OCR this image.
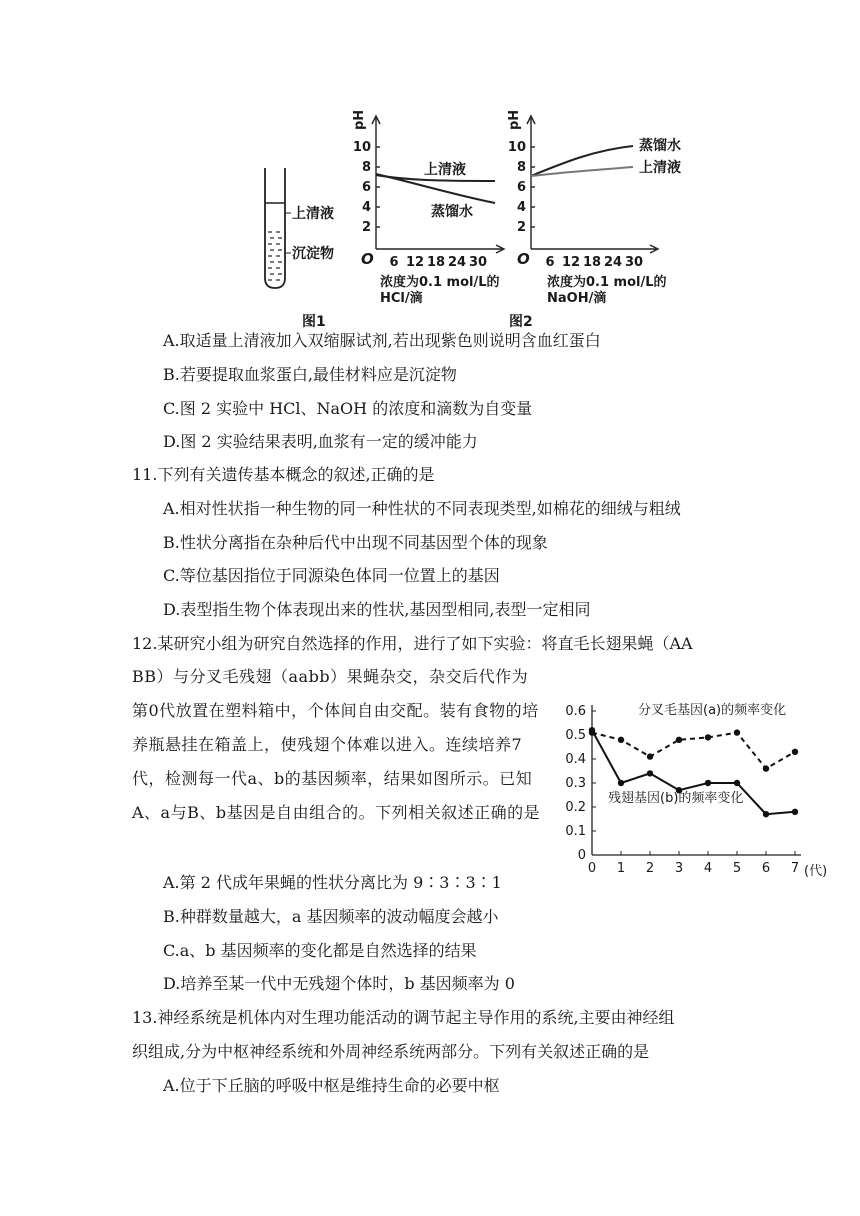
上清液
沉淀物
pH
10
8
6
4
2
O 6 12 18 24 30
浓度为0.1 mol/L的
HCl/滴
上清液
蒸馏水
图1
pH
10
8
6
4
2
O 6 12 18 24 30
浓度为0.1 mol/L的
NaOH/滴
蒸馏水
上清液
图2
A.取适量上清液加入双缩脲试剂,若出现紫色则说明含血红蛋白
B.若要提取血浆蛋白,最佳材料应是沉淀物
C.图 2 实验中 HCl、NaOH 的浓度和滴数为自变量
D.图 2 实验结果表明,血浆有一定的缓冲能力
11.下列有关遗传基本概念的叙述,正确的是
A.相对性状指一种生物的同一种性状的不同表现类型,如棉花的细绒与粗绒
B.性状分离指在杂种后代中出现不同基因型个体的现象
C.等位基因指位于同源染色体同一位置上的基因
D.表型指生物个体表现出来的性状,基因型相同,表型一定相同
12.某研究小组为研究自然选择的作用，进行了如下实验：将直毛长翅果蝇（AA
BB）与分叉毛残翅（aabb）果蝇杂交，杂交后代作为第0代放置在塑料箱中，个体间自由交配。装有食物的培养瓶悬挂在箱盖上，使残翅个体难以进入。连续培养7代，检测每一代a、b的基因频率，结果如图所示。已知A、a与B、b基因是自由组合的。下列相关叙述正确的是
0
0.1
0.2
0.3
0.4
0.5
0.6
0 1 2 3 4 5 6 7
分叉毛基因(a)的频率变化
残翅基因(b)的频率变化
(代)
A.第 2 代成年果蝇的性状分离比为 9∶3∶3∶1
B.种群数量越大，a 基因频率的波动幅度会越小
C.a、b 基因频率的变化都是自然选择的结果
D.培养至某一代中无残翅个体时，b 基因频率为 0
13.神经系统是机体内对生理功能活动的调节起主导作用的系统,主要由神经组
织组成,分为中枢神经系统和外周神经系统两部分。下列有关叙述正确的是
A.位于下丘脑的呼吸中枢是维持生命的必要中枢
